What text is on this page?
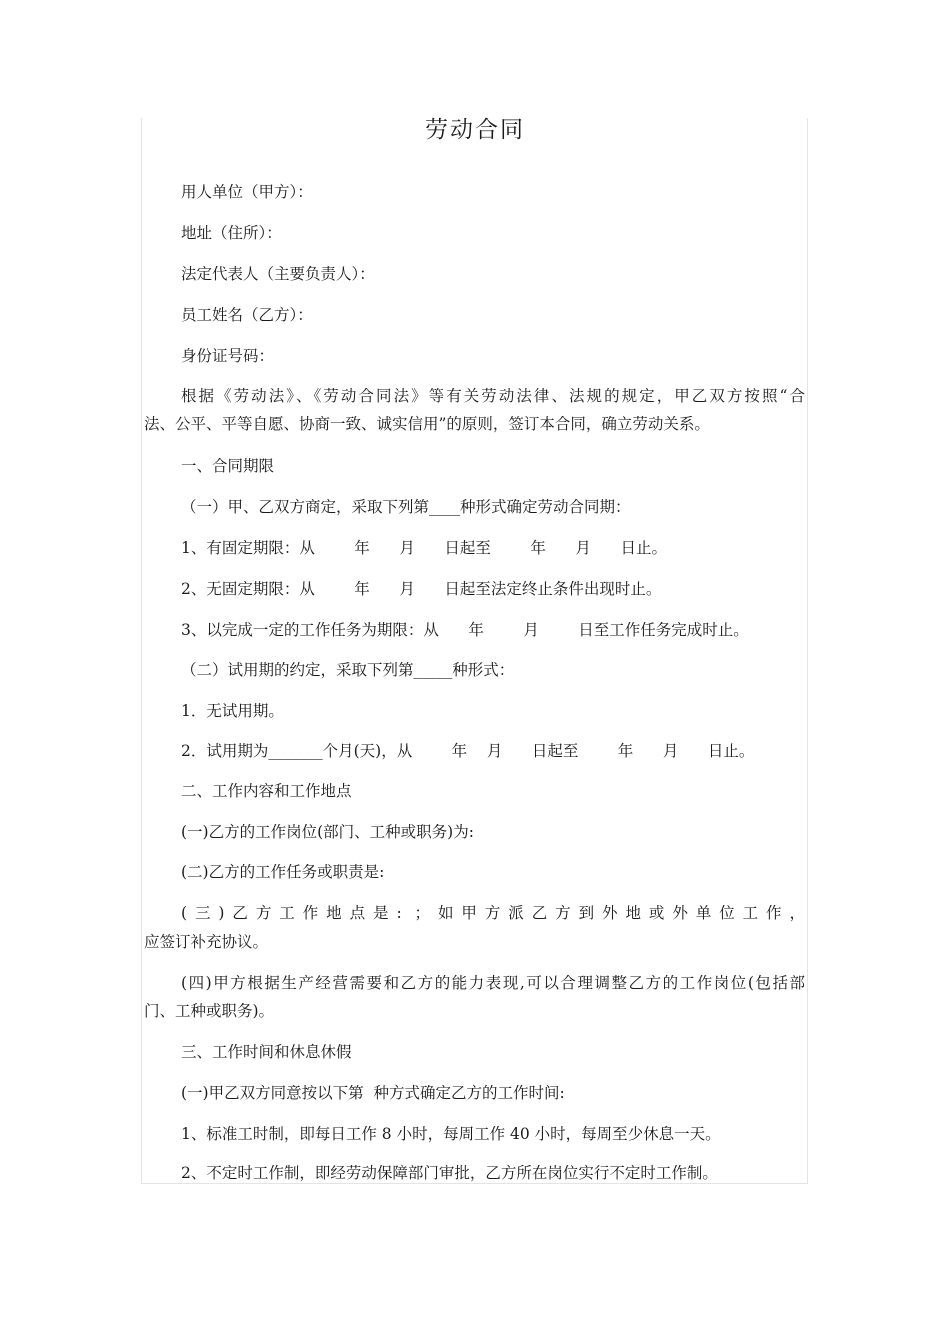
劳动合同
用人单位（甲方）：
地址（住所）：
法定代表人（主要负责人）：
员工姓名（乙方）：
身份证号码：
根据《劳动法》、《劳动合同法》等有关劳动法律、法规的规定，甲乙双方按照“合
法、公平、平等自愿、协商一致、诚实信用”的原则，签订本合同，确立劳动关系。
一、合同期限
（一）甲、乙双方商定，采取下列第____种形式确定劳动合同期：
1、有固定期限：从        年      月      日起至        年      月      日止。
2、无固定期限：从        年      月      日起至法定终止条件出现时止。
3、以完成一定的工作任务为期限：从      年        月        日至工作任务完成时止。
（二）试用期的约定，采取下列第_____种形式：
1．无试用期。
2．试用期为_______个月(天)，从        年    月      日起至        年      月      日止。
二、工作内容和工作地点
(一)乙方的工作岗位(部门、工种或职务)为:
(二)乙方的工作任务或职责是:
(三)乙方工作地点是: ；如甲方派乙方到外地或外单位工作，
应签订补充协议。
(四)甲方根据生产经营需要和乙方的能力表现,可以合理调整乙方的工作岗位(包括部
门、工种或职务)。
三、工作时间和休息休假
(一)甲乙双方同意按以下第  种方式确定乙方的工作时间:
1、标准工时制，即每日工作 8 小时，每周工作 40 小时，每周至少休息一天。
2、不定时工作制，即经劳动保障部门审批，乙方所在岗位实行不定时工作制。
